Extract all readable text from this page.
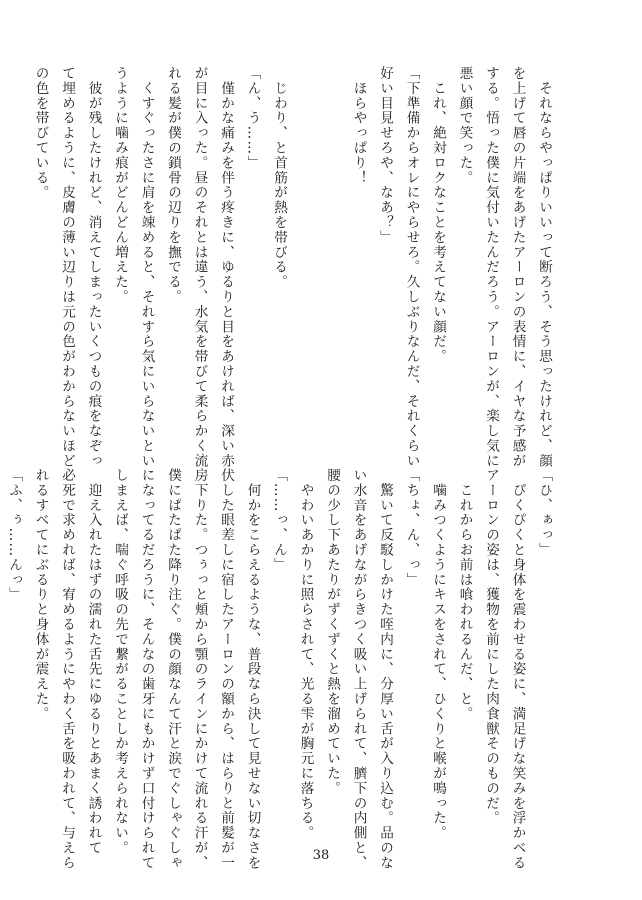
　それならやっぱりいいって断ろう、そう思ったけれど、顔
を上げて唇の片端をあげたアーロンの表情に、イヤな予感が
する。悟った僕に気付いたんだろう。アーロンが、楽し気に
悪い顔で笑った。
　これ、絶対ロクなことを考えてない顔だ。
「下準備からオレにやらせろ。久しぶりなんだ、それくらい
好い目見せろや、なあ？」
　ほらやっぱり！

　じわり、と首筋が熱を帯びる。
「ん、う……」
　僅かな痛みを伴う疼きに、ゆるりと目をあければ、深い赤
が目に入った。昼のそれとは違う、水気を帯びて柔らかく流
れる髪が僕の鎖骨の辺りを撫でる。
　くすぐったさに肩を竦めると、それすら気にいらないとい
うように噛み痕がどんどん増えた。
　彼が残したけれど、消えてしまったいくつもの痕をなぞっ
て埋めるように、皮膚の薄い辺りは元の色がわからないほど
の色を帯びている。
「ひ、ぁっ」
　ぴくぴくと身体を震わせる姿に、満足げな笑みを浮かべる
アーロンの姿は、獲物を前にした肉食獣そのものだ。
　これからお前は喰われるんだ、と。
　噛みつくようにキスをされて、ひくりと喉が鳴った。
「ちょ、ん、っ」
　驚いて反駁しかけた咥内に、分厚い舌が入り込む。品のな
い水音をあげながらきつく吸い上げられて、臍下の内側と、
腰の少し下あたりがずくずくと熱を溜めていた。
　やわいあかりに照らされて、光る雫が胸元に落ちる。
「……っ、ん」
　何かをこらえるような、普段なら決して見せない切なさを
伏した眼差しに宿したアーロンの額から、はらりと前髪が一
房下りた。つぅっと頬から顎のラインにかけて流れる汗が、
僕にぱたぱた降り注ぐ。僕の顔なんて汗と涙でぐしゃぐしゃ
になってるだろうに、そんなの歯牙にもかけず口付けられて
しまえば、喘ぐ呼吸の先で繋がることしか考えられない。
　迎え入れたはずの濡れた舌先にゆるりとあまく誘われて
必死で求めれば、宥めるようにやわく舌を吸われて、与えら
れるすべてにぶるりと身体が震えた。
「ふ、ぅ……んっ」
38
